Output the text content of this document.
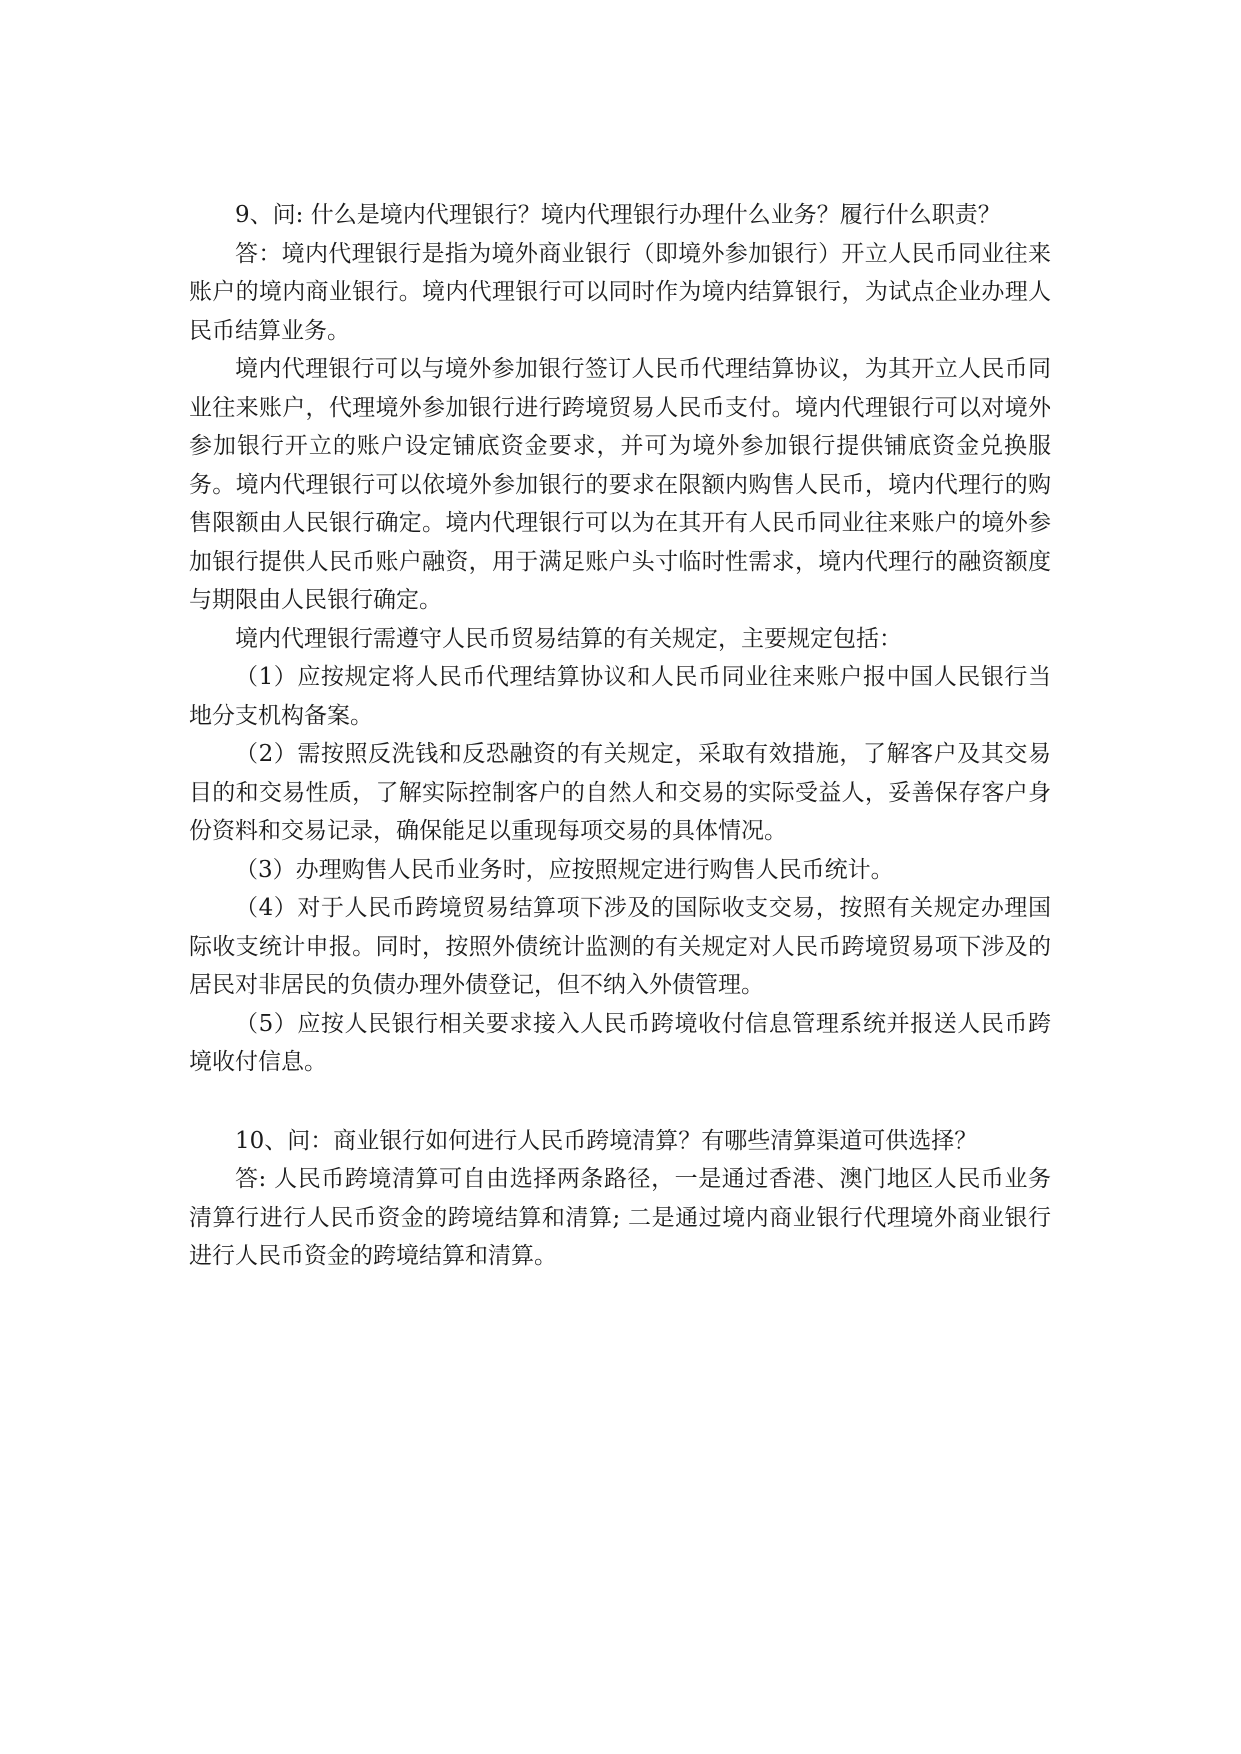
9、问: 什么是境内代理银行？境内代理银行办理什么业务？履行什么职责？

答：境内代理银行是指为境外商业银行（即境外参加银行）开立人民币同业往来账户的境内商业银行。境内代理银行可以同时作为境内结算银行，为试点企业办理人民币结算业务。

境内代理银行可以与境外参加银行签订人民币代理结算协议，为其开立人民币同业往来账户，代理境外参加银行进行跨境贸易人民币支付。境内代理银行可以对境外参加银行开立的账户设定铺底资金要求，并可为境外参加银行提供铺底资金兑换服务。境内代理银行可以依境外参加银行的要求在限额内购售人民币，境内代理行的购售限额由人民银行确定。境内代理银行可以为在其开有人民币同业往来账户的境外参加银行提供人民币账户融资，用于满足账户头寸临时性需求，境内代理行的融资额度与期限由人民银行确定。

境内代理银行需遵守人民币贸易结算的有关规定，主要规定包括：

（1）应按规定将人民币代理结算协议和人民币同业往来账户报中国人民银行当地分支机构备案。

（2）需按照反洗钱和反恐融资的有关规定，采取有效措施，了解客户及其交易目的和交易性质，了解实际控制客户的自然人和交易的实际受益人，妥善保存客户身份资料和交易记录，确保能足以重现每项交易的具体情况。

（3）办理购售人民币业务时，应按照规定进行购售人民币统计。

（4）对于人民币跨境贸易结算项下涉及的国际收支交易，按照有关规定办理国际收支统计申报。同时，按照外债统计监测的有关规定对人民币跨境贸易项下涉及的居民对非居民的负债办理外债登记，但不纳入外债管理。

（5）应按人民银行相关要求接入人民币跨境收付信息管理系统并报送人民币跨境收付信息。

10、问：商业银行如何进行人民币跨境清算？有哪些清算渠道可供选择？

答: 人民币跨境清算可自由选择两条路径，一是通过香港、澳门地区人民币业务清算行进行人民币资金的跨境结算和清算; 二是通过境内商业银行代理境外商业银行进行人民币资金的跨境结算和清算。
